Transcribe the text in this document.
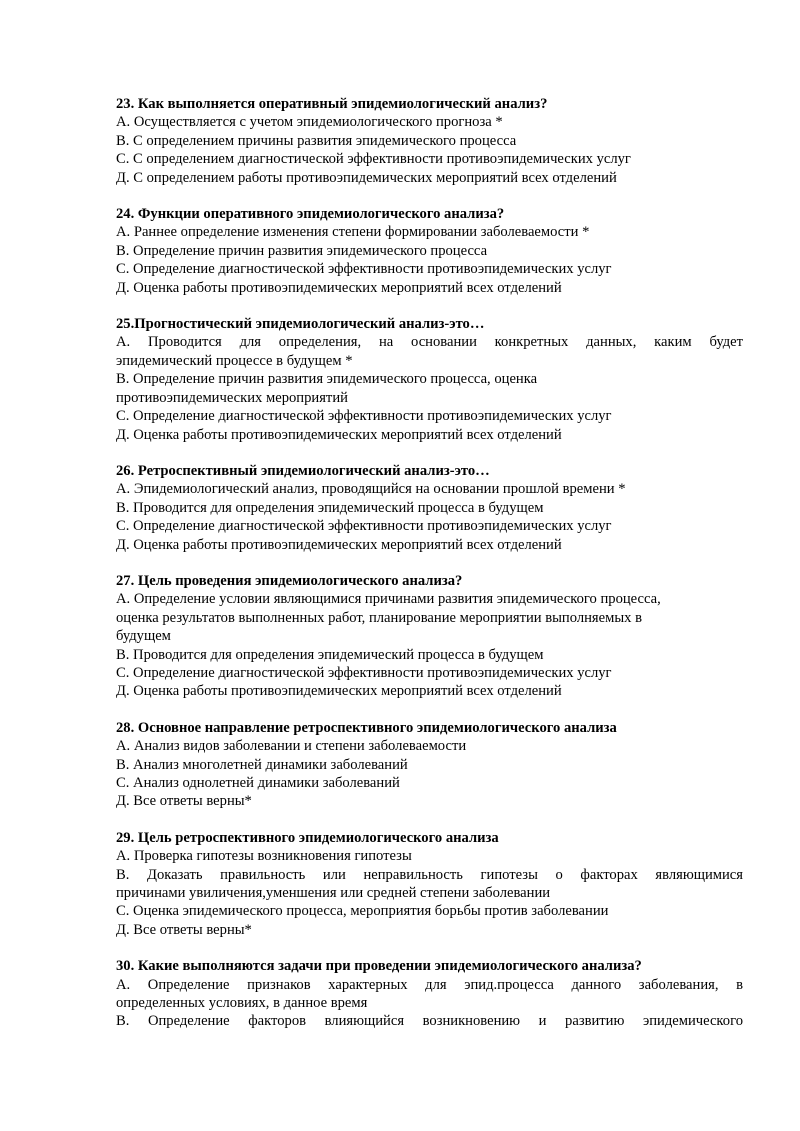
23. Как выполняется оперативный эпидемиологический анализ?

А. Осуществляется с учетом эпидемиологического прогноза *

В. С определением причины развития эпидемического процесса

С. С определением диагностической эффективности противоэпидемических услуг

Д. С определением работы противоэпидемических мероприятий всех отделений

24. Функции оперативного эпидемиологического анализа?

А. Раннее определение изменения степени формировании заболеваемости *

В. Определение причин развития эпидемического процесса

С. Определение диагностической эффективности противоэпидемических услуг

Д. Оценка работы противоэпидемических мероприятий всех отделений

25.Прогностический эпидемиологический анализ-это…

А. Проводится для определения, на основании конкретных данных, каким будет

эпидемический процессе в будущем *

В. Определение причин развития эпидемического процесса, оценка

противоэпидемических мероприятий

С. Определение диагностической эффективности противоэпидемических услуг

Д. Оценка работы противоэпидемических мероприятий всех отделений

26. Ретроспективный эпидемиологический анализ-это…

А. Эпидемиологический анализ, проводящийся на основании прошлой времени *

В. Проводится для определения эпидемический процесса в будущем

С. Определение диагностической эффективности противоэпидемических услуг

Д. Оценка работы противоэпидемических мероприятий всех отделений

27. Цель проведения эпидемиологического анализа?

А. Определение условии являющимися причинами развития эпидемического процесса,

оценка результатов выполненных работ, планирование мероприятии выполняемых в

будущем

В. Проводится для определения эпидемический процесса в будущем

С. Определение диагностической эффективности противоэпидемических услуг

Д. Оценка работы противоэпидемических мероприятий всех отделений

28. Основное направление ретроспективного эпидемиологического анализа

А. Анализ видов заболевании и степени заболеваемости

В. Анализ многолетней динамики заболеваний

С. Анализ однолетней динамики заболеваний

Д. Все ответы верны*

29. Цель ретроспективного эпидемиологического анализа

А. Проверка гипотезы возникновения гипотезы

В. Доказать правильность или неправильность гипотезы о факторах являющимися

причинами увиличения,уменшения или средней степени заболевании

С. Оценка эпидемического процесса, мероприятия борьбы против заболевании

Д. Все ответы верны*

30. Какие выполняются задачи при проведении эпидемиологического анализа?

А. Определение признаков характерных для эпид.процесса данного заболевания, в

определенных условиях, в данное время

В. Определение факторов влияющийся возникновению и развитию эпидемического
